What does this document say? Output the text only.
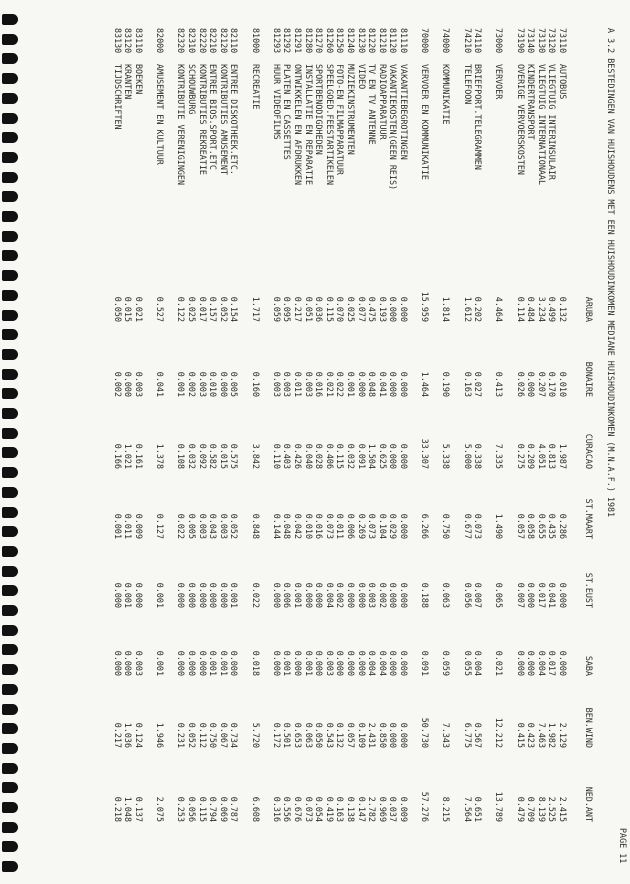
PAGE 11

A 3.2 BESTEDINGEN VAN HUISHOUDENS MET EEN HUISHOUDINKOMEN MEDIANE HUISHOUDINKOMEN (M.N.A.F.) 1981

ARUBA
BONAIRE
CURACAO
ST.MAART
ST.EUST
SABA
BEN.WIND
NED.ANT

73110
AUTOBUS
0.132
0.010
1.987
0.286
0.000
0.000
2.129
2.415
73120
VLIEGTUIG INTERINSULAIR
0.499
0.170
0.813
0.435
0.041
0.017
1.982
2.525
73130
VLIEGTUIG INTERNATIONAAL
3.234
0.207
4.051
0.655
0.017
0.004
7.463
8.139
73140
KINDERTRANSPORT
0.484
0.000
0.209
0.058
0.000
0.000
0.423
0.709
73190
OVERIGE VERVOERSKOSTEN
0.114
0.026
0.275
0.057
0.007
0.000
0.415
0.479
73000
VERVOER
4.464
0.413
7.335
1.490
0.065
0.021
12.212
13.789
74110
BRIEFPORT.TELEGRAMMEN
0.202
0.027
0.338
0.073
0.007
0.004
0.567
0.651
74210
TELEFOON
1.612
0.163
5.000
0.677
0.056
0.055
6.775
7.564
74000
KOMMUNIKATIE
1.814
0.190
5.338
0.750
0.063
0.059
7.343
8.215
70000
VERVOER EN KOMMUNIKATIE
15.959
1.464
33.307
6.266
0.188
0.091
50.730
57.276
81110
VAKANTIEBEGROTINGEN
0.000
0.000
0.000
0.000
0.000
0.000
0.000
0.009
81120
VAKANTIEKOSTEN(GEEN REIS)
0.000
0.000
0.000
0.029
0.000
0.000
0.000
0.037
81210
RADIOAPPARATUUR
0.193
0.041
0.625
0.104
0.002
0.004
0.850
0.969
81220
TV EN TV ANTENNE
0.475
0.048
1.504
0.073
0.003
0.004
2.431
2.782
81230
VIDEO
0.077
0.000
0.091
0.269
0.000
0.000
0.109
0.147
81240
MUZIEKINSTRUMENTEN
0.025
0.001
0.032
0.006
0.000
0.000
0.057
0.138
81250
FOTO-EN FILMAPPARATUUR
0.070
0.022
0.115
0.011
0.002
0.000
0.132
0.163
81260
SPEELGOED.FEESTARTIKELEN
0.115
0.021
0.406
0.073
0.004
0.003
0.543
0.419
81270
SPORTBENODIGDHEDEN
0.036
0.016
0.028
0.016
0.000
0.000
0.050
0.054
81280
INSTALLATIE EN REPARATIE
0.051
0.003
0.040
0.010
0.000
0.001
0.063
0.073
81291
ONTWIKKELEN EN AFDRUKKEN
0.217
0.011
0.426
0.042
0.001
0.000
0.653
0.676
81292
PLATEN EN CASSETTES
0.095
0.003
0.403
0.048
0.006
0.001
0.501
0.556
81293
HUUR VIDEOFILMS
0.059
0.003
0.110
0.144
0.000
0.000
0.172
0.316
81000
RECREATIE
1.717
0.160
3.842
0.848
0.022
0.018
5.720
6.608
82110
ENTREE DISKOTHEEK.ETC.
0.154
0.005
0.575
0.052
0.001
0.000
0.734
0.787
82120
KONTRIBUTIES AMUSEMENT
0.052
0.000
0.015
0.003
0.000
0.001
0.067
0.069
82210
ENTREE BIOS.SPORT.ETC
0.157
0.010
0.582
0.043
0.000
0.001
0.750
0.794
82220
KONTRIBUTIES REKREATIE
0.017
0.003
0.092
0.003
0.000
0.000
0.112
0.115
82310
SCHOUWBURG
0.025
0.002
0.032
0.005
0.000
0.000
0.052
0.056
82320
KONTRIBUTIE VERENIGINGEN
0.122
0.001
0.108
0.022
0.000
0.000
0.231
0.253
82000
AMUSEMENT EN KULTUUR
0.527
0.041
1.378
0.127
0.001
0.001
1.946
2.075
83110
BOEKEN
0.021
0.003
0.161
0.009
0.000
0.003
0.124
0.137
83120
KRANTEN
0.015
0.000
1.021
0.011
0.001
0.000
1.036
1.048
83130
TIJDSCHRIFTEN
0.050
0.002
0.166
0.001
0.000
0.000
0.217
0.218
